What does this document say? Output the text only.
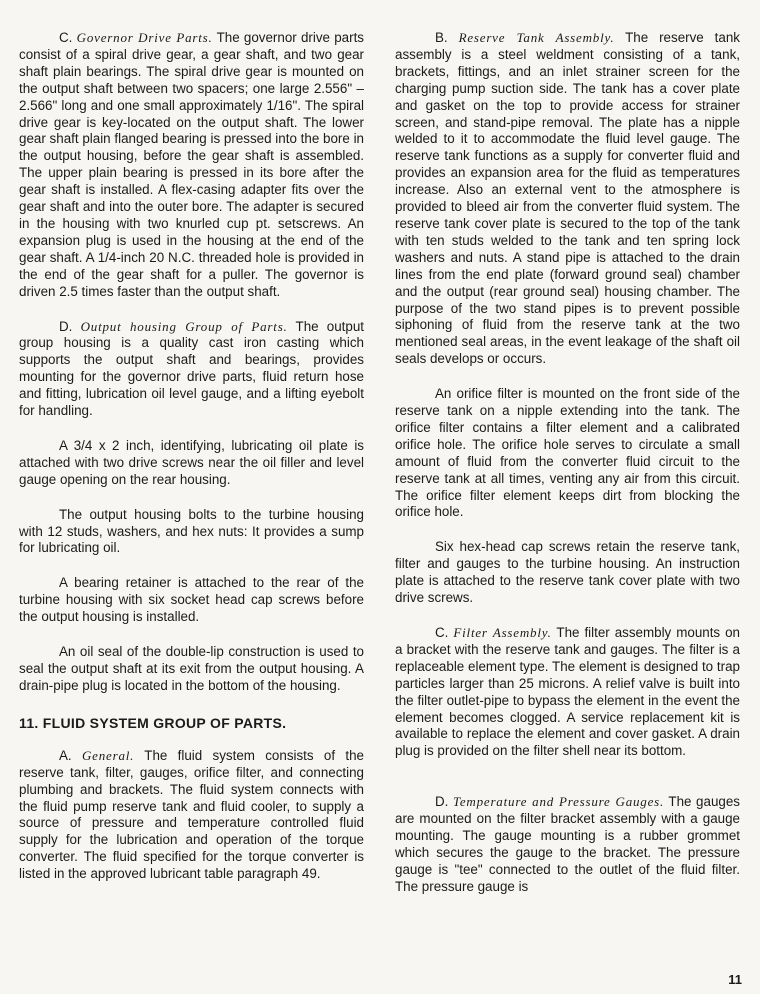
C. Governor Drive Parts. The governor drive parts consist of a spiral drive gear, a gear shaft, and two gear shaft plain bearings. The spiral drive gear is mounted on the output shaft between two spacers; one large 2.556" – 2.566" long and one small approximately 1/16". The spiral drive gear is key-located on the output shaft. The lower gear shaft plain flanged bearing is pressed into the bore in the output housing, before the gear shaft is assembled. The upper plain bearing is pressed in its bore after the gear shaft is installed. A flex-casing adapter fits over the gear shaft and into the outer bore. The adapter is secured in the housing with two knurled cup pt. setscrews. An expansion plug is used in the housing at the end of the gear shaft. A 1/4-inch 20 N.C. threaded hole is provided in the end of the gear shaft for a puller. The governor is driven 2.5 times faster than the output shaft.

D. Output housing Group of Parts. The output group housing is a quality cast iron casting which supports the output shaft and bearings, provides mounting for the governor drive parts, fluid return hose and fitting, lubrication oil level gauge, and a lifting eyebolt for handling.

A 3/4 x 2 inch, identifying, lubricating oil plate is attached with two drive screws near the oil filler and level gauge opening on the rear housing.

The output housing bolts to the turbine housing with 12 studs, washers, and hex nuts: It provides a sump for lubricating oil.

A bearing retainer is attached to the rear of the turbine housing with six socket head cap screws before the output housing is installed.

An oil seal of the double-lip construction is used to seal the output shaft at its exit from the output housing. A drain-pipe plug is located in the bottom of the housing.

11. FLUID SYSTEM GROUP OF PARTS.

A. General. The fluid system consists of the reserve tank, filter, gauges, orifice filter, and connecting plumbing and brackets. The fluid system connects with the fluid pump reserve tank and fluid cooler, to supply a source of pressure and temperature controlled fluid supply for the lubrication and operation of the torque converter. The fluid specified for the torque converter is listed in the approved lubricant table paragraph 49.

B. Reserve Tank Assembly. The reserve tank assembly is a steel weldment consisting of a tank, brackets, fittings, and an inlet strainer screen for the charging pump suction side. The tank has a cover plate and gasket on the top to provide access for strainer screen, and stand-pipe removal. The plate has a nipple welded to it to accommodate the fluid level gauge. The reserve tank functions as a supply for converter fluid and provides an expansion area for the fluid as temperatures increase. Also an external vent to the atmosphere is provided to bleed air from the converter fluid system. The reserve tank cover plate is secured to the top of the tank with ten studs welded to the tank and ten spring lock washers and nuts. A stand pipe is attached to the drain lines from the end plate (forward ground seal) chamber and the output (rear ground seal) housing chamber. The purpose of the two stand pipes is to prevent possible siphoning of fluid from the reserve tank at the two mentioned seal areas, in the event leakage of the shaft oil seals develops or occurs.

An orifice filter is mounted on the front side of the reserve tank on a nipple extending into the tank. The orifice filter contains a filter element and a calibrated orifice hole. The orifice hole serves to circulate a small amount of fluid from the converter fluid circuit to the reserve tank at all times, venting any air from this circuit. The orifice filter element keeps dirt from blocking the orifice hole.

Six hex-head cap screws retain the reserve tank, filter and gauges to the turbine housing. An instruction plate is attached to the reserve tank cover plate with two drive screws.

C. Filter Assembly. The filter assembly mounts on a bracket with the reserve tank and gauges. The filter is a replaceable element type. The element is designed to trap particles larger than 25 microns. A relief valve is built into the filter outlet-pipe to bypass the element in the event the element becomes clogged. A service replacement kit is available to replace the element and cover gasket. A drain plug is provided on the filter shell near its bottom.

D. Temperature and Pressure Gauges. The gauges are mounted on the filter bracket assembly with a gauge mounting. The gauge mounting is a rubber grommet which secures the gauge to the bracket. The pressure gauge is "tee" connected to the outlet of the fluid filter. The pressure gauge is

11
